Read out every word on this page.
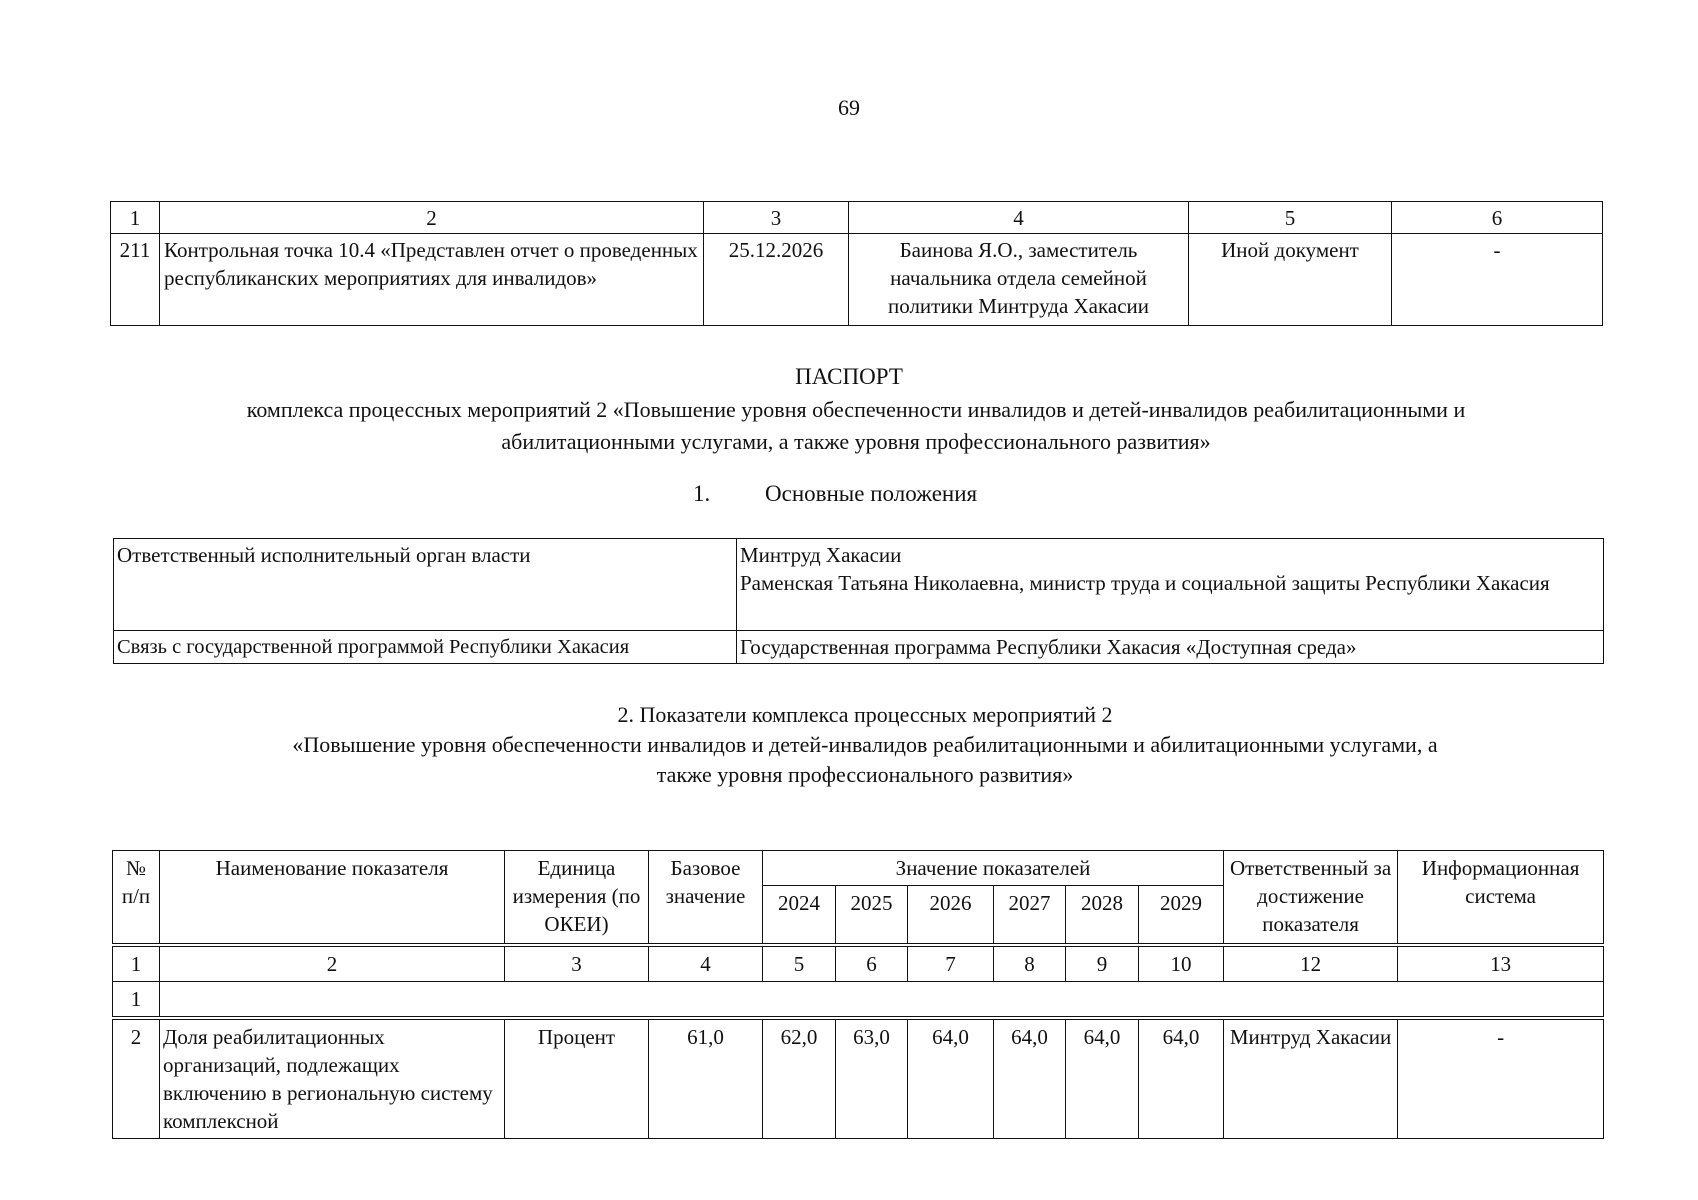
69
1	2	3	4	5	6
211	Контрольная точка 10.4 «Представлен отчет о проведенных республиканских мероприятиях для инвалидов»	25.12.2026	Баинова Я.О., заместитель начальника отдела семейной политики Минтруда Хакасии	Иной документ	-
ПАСПОРТ
комплекса процессных мероприятий 2 «Повышение уровня обеспеченности инвалидов и детей-инвалидов реабилитационными и
абилитационными услугами, а также уровня профессионального развития»
1. Основные положения
Ответственный исполнительный орган власти	Минтруд Хакасии
Раменская Татьяна Николаевна, министр труда и социальной защиты Республики Хакасия

Связь с государственной программой Республики Хакасия	Государственная программа Республики Хакасия «Доступная среда»
2. Показатели комплекса процессных мероприятий 2
«Повышение уровня обеспеченности инвалидов и детей-инвалидов реабилитационными и абилитационными услугами, а
также уровня профессионального развития»
№ п/п	Наименование показателя	Единица измерения (по ОКЕИ)	Базовое значение	Значение показателей						Ответственный за достижение показателя	Информационная система
				2024	2025	2026	2027	2028	2029		

1	2	3	4	5	6	7	8	9	10	12	13
1											

2	Доля реабилитационных организаций, подлежащих включению в региональную систему комплексной	Процент	61,0	62,0	63,0	64,0	64,0	64,0	64,0	Минтруд Хакасии	-
